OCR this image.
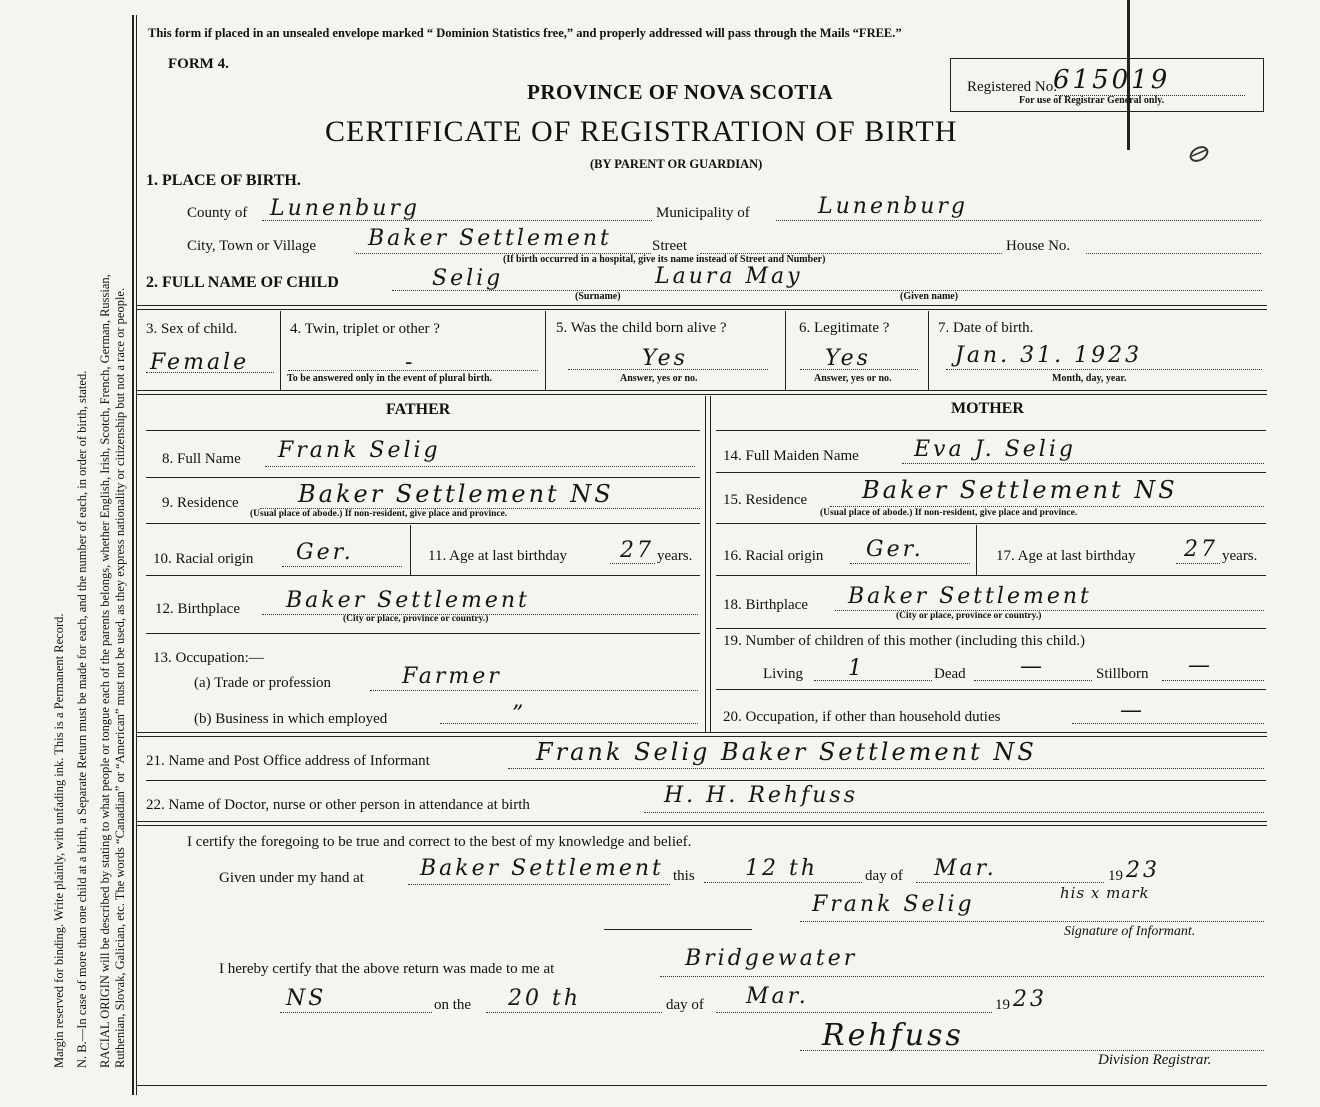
Margin reserved for binding. Write plainly, with unfading ink. This is a Permanent Record. N. B.—In case of more than one child at a birth, a Separate Return must be made for each, and the number of each, in order of birth, stated. RACIAL ORIGIN will be described by stating to what people or tongue each of the parents belongs, whether English, Irish, Scotch, French, German, Russian, Ruthenian, Slovak, Galician, etc. The words “Canadian” or “American” must not be used, as they express nationality or citizenship but not a race or people.
This form if placed in an unsealed envelope marked “ Dominion Statistics free,” and properly addressed will pass through the Mails “FREE.”
FORM 4.
PROVINCE OF NOVA SCOTIA
CERTIFICATE OF REGISTRATION OF BIRTH
(BY PARENT OR GUARDIAN)
Registered No.
615019
For use of Registrar General only.
1. PLACE OF BIRTH.
County of Lunenburg	Municipality of	Lunenburg
City, Town or Village Baker Settlement	Street	House No.
(If birth occurred in a hospital, give its name instead of Street and Number)
2. FULL NAME OF CHILD	Selig	Laura May
(Surname)	(Given name)
3. Sex of child.
Female
4. Twin, triplet or other ?
-
To be answered only in the event of plural birth.
5. Was the child born alive ?
Yes
Answer, yes or no.
6. Legitimate ?
Yes
Answer, yes or no.
7. Date of birth.
Jan. 31. 1923
Month, day, year.
FATHER	MOTHER
8. Full Name Frank Selig
9. Residence Baker Settlement NS
(Usual place of abode.) If non-resident, give place and province.
10. Racial origin Ger.	11. Age at last birthday 27 years.
12. Birthplace Baker Settlement
(City or place, province or country.)
13. Occupation:—
(a) Trade or profession	Farmer
(b) Business in which employed	”
14. Full Maiden Name	Eva J. Selig
15. Residence Baker Settlement NS
(Usual place of abode.) If non-resident, give place and province.
16. Racial origin Ger.	17. Age at last birthday 27 years.
18. Birthplace Baker Settlement
(City or place, province or country.)
19. Number of children of this mother (including this child.)
Living 1	Dead —	Stillborn —
20. Occupation, if other than household duties	—
21. Name and Post Office address of Informant	Frank Selig Baker Settlement NS
22. Name of Doctor, nurse or other person in attendance at birth	H. H. Rehfuss
I certify the foregoing to be true and correct to the best of my knowledge and belief.
Given under my hand at	Baker Settlement this 12 th	day of Mar.	19 23
Frank Selig	his x mark
Signature of Informant.
I hereby certify that the above return was made to me at	Bridgewater
NS	on the 20 th	day of Mar.	19 23
Rehfuss
Division Registrar.
